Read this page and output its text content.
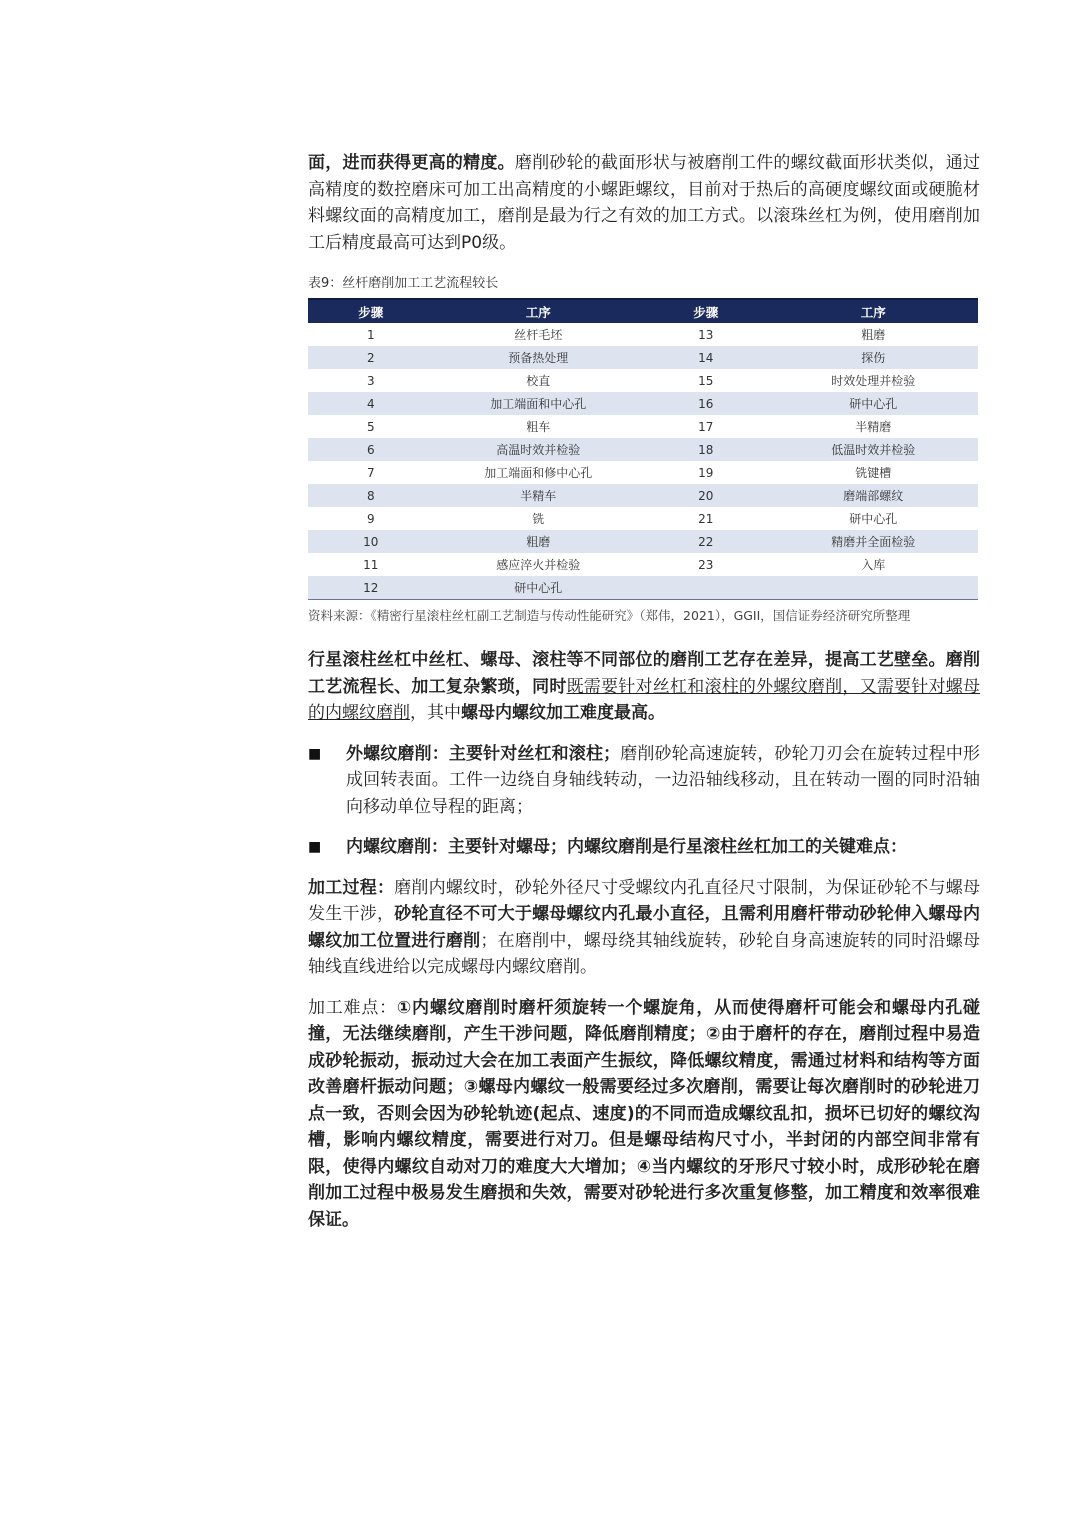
面，进而获得更高的精度。磨削砂轮的截面形状与被磨削工件的螺纹截面形状类似，通过高精度的数控磨床可加工出高精度的小螺距螺纹，目前对于热后的高硬度螺纹面或硬脆材料螺纹面的高精度加工，磨削是最为行之有效的加工方式。以滚珠丝杠为例，使用磨削加工后精度最高可达到P0级。

表9：丝杆磨削加工工艺流程较长
步骤	工序	步骤	工序
1	丝杆毛坯	13	粗磨
2	预备热处理	14	探伤
3	校直	15	时效处理并检验
4	加工端面和中心孔	16	研中心孔
5	粗车	17	半精磨
6	高温时效并检验	18	低温时效并检验
7	加工端面和修中心孔	19	铣键槽
8	半精车	20	磨端部螺纹
9	铣	21	研中心孔
10	粗磨	22	精磨并全面检验
11	感应淬火并检验	23	入库
12	研中心孔		

资料来源：《精密行星滚柱丝杠副工艺制造与传动性能研究》（郑伟，2021），GGII，国信证券经济研究所整理

行星滚柱丝杠中丝杠、螺母、滚柱等不同部位的磨削工艺存在差异，提高工艺壁垒。磨削工艺流程长、加工复杂繁琐，同时既需要针对丝杠和滚柱的外螺纹磨削，又需要针对螺母的内螺纹磨削，其中螺母内螺纹加工难度最高。

■	外螺纹磨削：主要针对丝杠和滚柱；磨削砂轮高速旋转，砂轮刀刃会在旋转过程中形成回转表面。工件一边绕自身轴线转动，一边沿轴线移动，且在转动一圈的同时沿轴向移动单位导程的距离；

■	内螺纹磨削：主要针对螺母；内螺纹磨削是行星滚柱丝杠加工的关键难点：

加工过程：磨削内螺纹时，砂轮外径尺寸受螺纹内孔直径尺寸限制，为保证砂轮不与螺母发生干涉，砂轮直径不可大于螺母螺纹内孔最小直径，且需利用磨杆带动砂轮伸入螺母内螺纹加工位置进行磨削；在磨削中，螺母绕其轴线旋转，砂轮自身高速旋转的同时沿螺母轴线直线进给以完成螺母内螺纹磨削。

加工难点：①内螺纹磨削时磨杆须旋转一个螺旋角，从而使得磨杆可能会和螺母内孔碰撞，无法继续磨削，产生干涉问题，降低磨削精度；②由于磨杆的存在，磨削过程中易造成砂轮振动，振动过大会在加工表面产生振纹，降低螺纹精度，需通过材料和结构等方面改善磨杆振动问题；③螺母内螺纹一般需要经过多次磨削，需要让每次磨削时的砂轮进刀点一致，否则会因为砂轮轨迹(起点、速度)的不同而造成螺纹乱扣，损坏已切好的螺纹沟槽，影响内螺纹精度，需要进行对刀。但是螺母结构尺寸小，半封闭的内部空间非常有限，使得内螺纹自动对刀的难度大大增加；④当内螺纹的牙形尺寸较小时，成形砂轮在磨削加工过程中极易发生磨损和失效，需要对砂轮进行多次重复修整，加工精度和效率很难保证。
